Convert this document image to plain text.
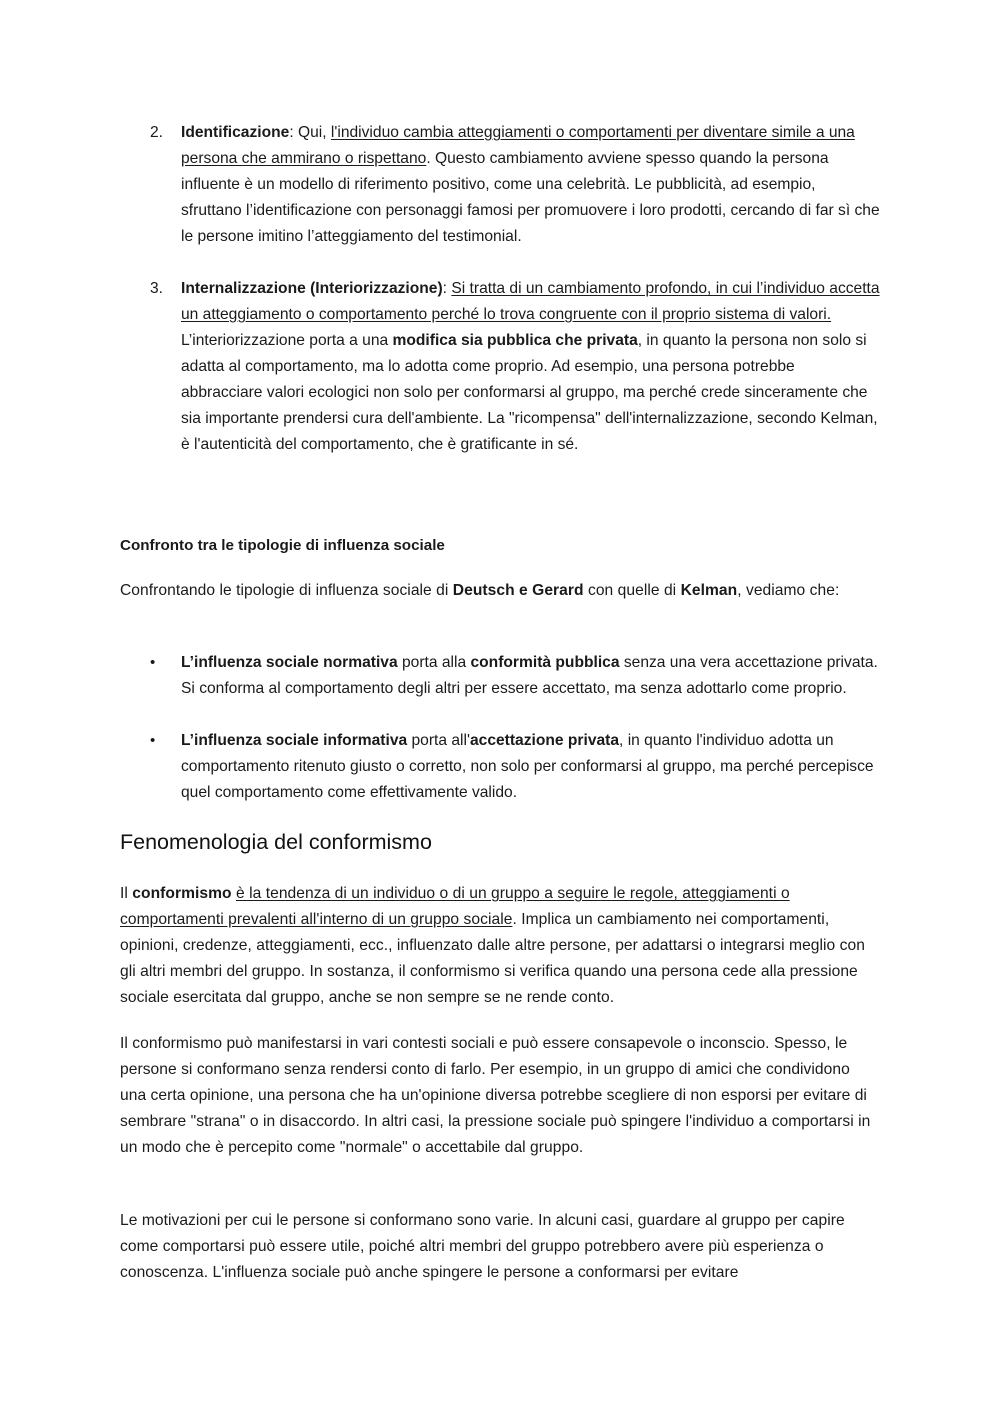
2.	Identificazione: Qui, l'individuo cambia atteggiamenti o comportamenti per diventare simile a una persona che ammirano o rispettano. Questo cambiamento avviene spesso quando la persona influente è un modello di riferimento positivo, come una celebrità. Le pubblicità, ad esempio, sfruttano l’identificazione con personaggi famosi per promuovere i loro prodotti, cercando di far sì che le persone imitino l’atteggiamento del testimonial.
3.	Internalizzazione (Interiorizzazione): Si tratta di un cambiamento profondo, in cui l’individuo accetta un atteggiamento o comportamento perché lo trova congruente con il proprio sistema di valori. L’interiorizzazione porta a una modifica sia pubblica che privata, in quanto la persona non solo si adatta al comportamento, ma lo adotta come proprio. Ad esempio, una persona potrebbe abbracciare valori ecologici non solo per conformarsi al gruppo, ma perché crede sinceramente che sia importante prendersi cura dell'ambiente. La "ricompensa" dell'internalizzazione, secondo Kelman, è l'autenticità del comportamento, che è gratificante in sé.
Confronto tra le tipologie di influenza sociale
Confrontando le tipologie di influenza sociale di Deutsch e Gerard con quelle di Kelman, vediamo che:
• L’influenza sociale normativa porta alla conformità pubblica senza una vera accettazione privata. Si conforma al comportamento degli altri per essere accettato, ma senza adottarlo come proprio.
• L’influenza sociale informativa porta all'accettazione privata, in quanto l'individuo adotta un comportamento ritenuto giusto o corretto, non solo per conformarsi al gruppo, ma perché percepisce quel comportamento come effettivamente valido.
Fenomenologia del conformismo
Il conformismo è la tendenza di un individuo o di un gruppo a seguire le regole, atteggiamenti o comportamenti prevalenti all'interno di un gruppo sociale. Implica un cambiamento nei comportamenti, opinioni, credenze, atteggiamenti, ecc., influenzato dalle altre persone, per adattarsi o integrarsi meglio con gli altri membri del gruppo. In sostanza, il conformismo si verifica quando una persona cede alla pressione sociale esercitata dal gruppo, anche se non sempre se ne rende conto.
Il conformismo può manifestarsi in vari contesti sociali e può essere consapevole o inconscio. Spesso, le persone si conformano senza rendersi conto di farlo. Per esempio, in un gruppo di amici che condividono una certa opinione, una persona che ha un'opinione diversa potrebbe scegliere di non esporsi per evitare di sembrare "strana" o in disaccordo. In altri casi, la pressione sociale può spingere l'individuo a comportarsi in un modo che è percepito come "normale" o accettabile dal gruppo.
Le motivazioni per cui le persone si conformano sono varie. In alcuni casi, guardare al gruppo per capire come comportarsi può essere utile, poiché altri membri del gruppo potrebbero avere più esperienza o conoscenza. L'influenza sociale può anche spingere le persone a conformarsi per evitare
